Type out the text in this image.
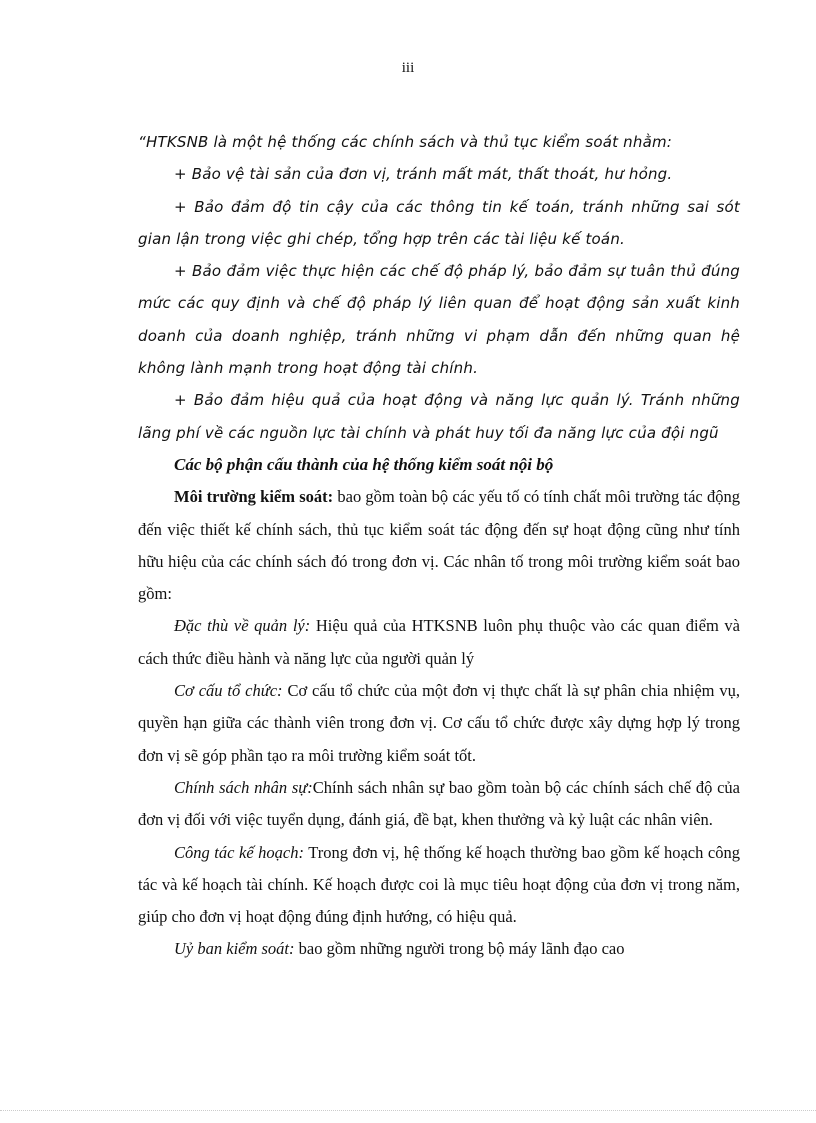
iii

“HTKSNB là một hệ thống các chính sách và thủ tục kiểm soát nhằm:

+ Bảo vệ tài sản của đơn vị, tránh mất mát, thất thoát, hư hỏng.

+ Bảo đảm độ tin cậy của các thông tin kế toán, tránh những sai sót gian lận trong việc ghi chép, tổng hợp trên các tài liệu kế toán.

+ Bảo đảm việc thực hiện các chế độ pháp lý, bảo đảm sự tuân thủ đúng mức các quy định và chế độ pháp lý liên quan để hoạt động sản xuất kinh doanh của doanh nghiệp, tránh những vi phạm dẫn đến những quan hệ không lành mạnh trong hoạt động tài chính.

+ Bảo đảm hiệu quả của hoạt động và năng lực quản lý. Tránh những lãng phí về các nguồn lực tài chính và phát huy tối đa năng lực của đội ngũ

Các bộ phận cấu thành của hệ thống kiểm soát nội bộ

Môi trường kiểm soát: bao gồm toàn bộ các yếu tố có tính chất môi trường tác động đến việc thiết kế chính sách, thủ tục kiểm soát tác động đến sự hoạt động cũng như tính hữu hiệu của các chính sách đó trong đơn vị. Các nhân tố trong môi trường kiểm soát bao gồm:

Đặc thù về quản lý: Hiệu quả của HTKSNB luôn phụ thuộc vào các quan điểm và cách thức điều hành và năng lực của người quản lý

Cơ cấu tổ chức: Cơ cấu tổ chức của một đơn vị thực chất là sự phân chia nhiệm vụ, quyền hạn giữa các thành viên trong đơn vị. Cơ cấu tổ chức được xây dựng hợp lý trong đơn vị sẽ góp phần tạo ra môi trường kiểm soát tốt.

Chính sách nhân sự:Chính sách nhân sự bao gồm toàn bộ các chính sách chế độ của đơn vị đối với việc tuyển dụng, đánh giá, đề bạt, khen thưởng và kỷ luật các nhân viên.

Công tác kế hoạch: Trong đơn vị, hệ thống kế hoạch thường bao gồm kế hoạch công tác và kế hoạch tài chính. Kế hoạch được coi là mục tiêu hoạt động của đơn vị trong năm, giúp cho đơn vị hoạt động đúng định hướng, có hiệu quả.

Uỷ ban kiểm soát: bao gồm những người trong bộ máy lãnh đạo cao
